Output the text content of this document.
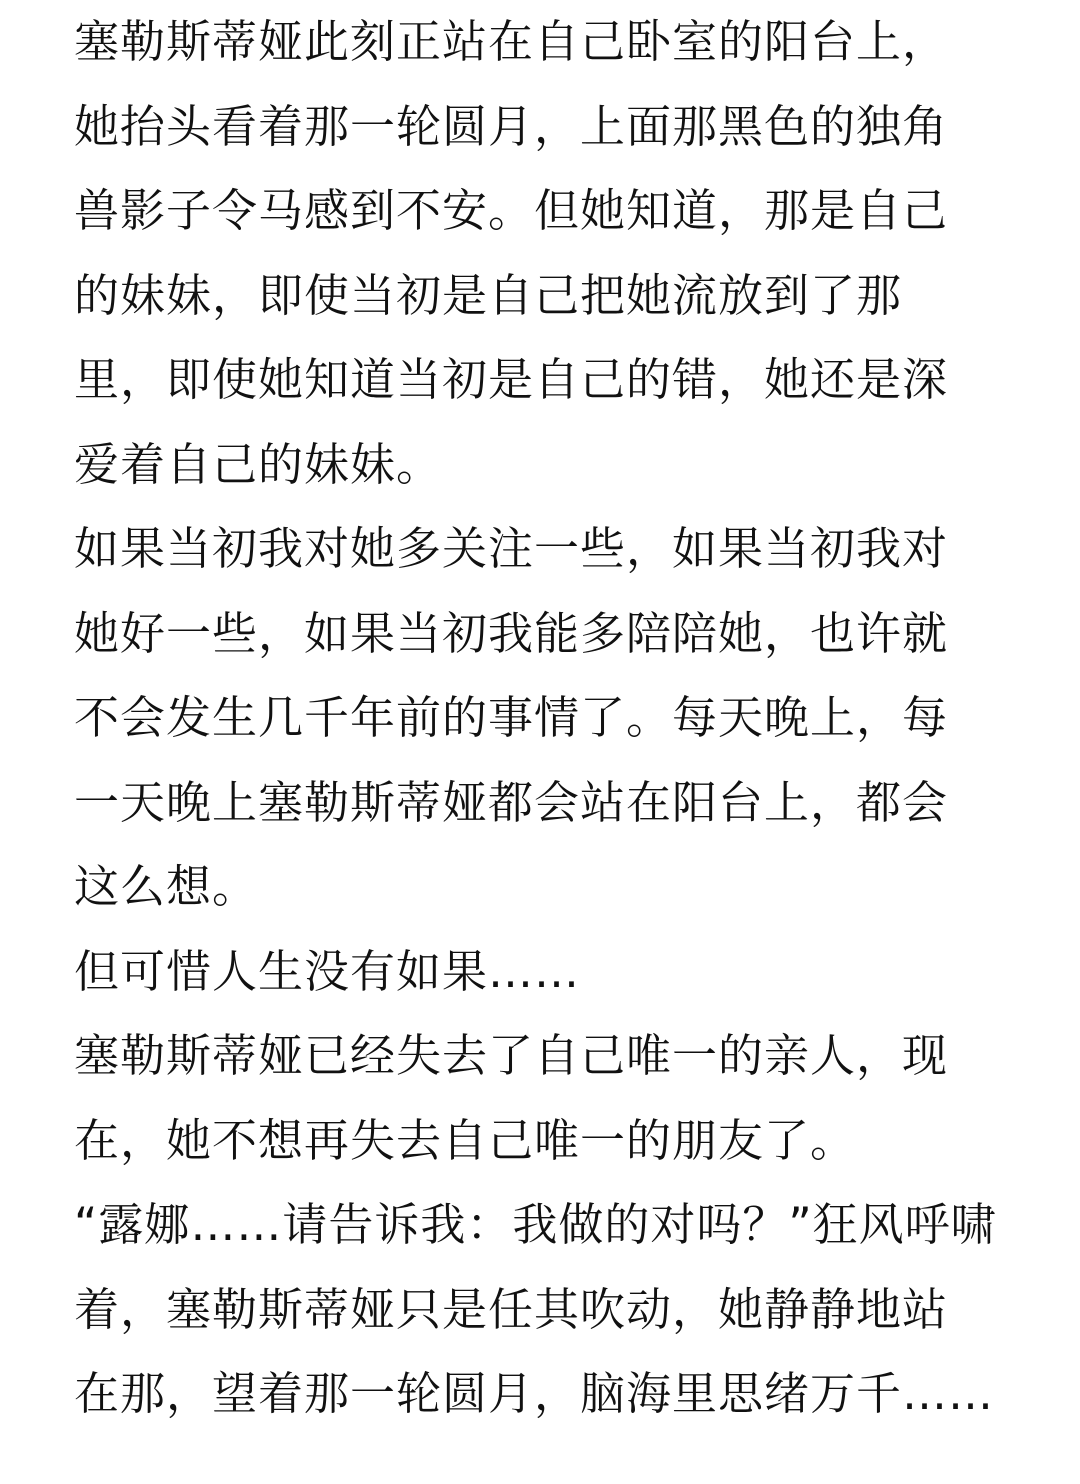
塞勒斯蒂娅此刻正站在自己卧室的阳台上，
她抬头看着那一轮圆月，上面那黑色的独角
兽影子令马感到不安。但她知道，那是自己
的妹妹，即使当初是自己把她流放到了那
里，即使她知道当初是自己的错，她还是深
爱着自己的妹妹。
如果当初我对她多关注一些，如果当初我对
她好一些，如果当初我能多陪陪她，也许就
不会发生几千年前的事情了。每天晚上，每
一天晚上塞勒斯蒂娅都会站在阳台上，都会
这么想。
但可惜人生没有如果……
塞勒斯蒂娅已经失去了自己唯一的亲人，现
在，她不想再失去自己唯一的朋友了。
“露娜……请告诉我：我做的对吗？”狂风呼啸
着，塞勒斯蒂娅只是任其吹动，她静静地站
在那，望着那一轮圆月，脑海里思绪万千……
